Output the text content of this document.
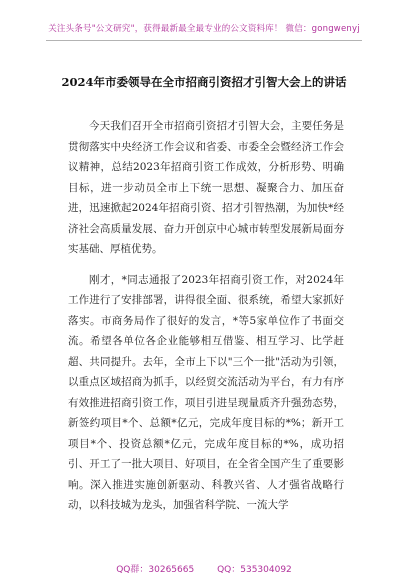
关注头条号"公文研究"，获得最新最全最专业的公文资料库！ 微信：gongwenyj
2024年市委领导在全市招商引资招才引智大会上的讲话

今天我们召开全市招商引资招才引智大会，主要任务是贯彻落实中央经济工作会议和省委、市委全会暨经济工作会议精神，总结2023年招商引资工作成效，分析形势、明确目标，进一步动员全市上下统一思想、凝聚合力、加压奋进，迅速掀起2024年招商引资、招才引智热潮，为加快*经济社会高质量发展、奋力开创京中心城市转型发展新局面夯实基础、厚植优势。

刚才，*同志通报了2023年招商引资工作，对2024年工作进行了安排部署，讲得很全面、很系统，希望大家抓好落实。市商务局作了很好的发言，*等5家单位作了书面交流。希望各单位各企业能够相互借鉴、相互学习、比学赶超、共同提升。去年，全市上下以"三个一批"活动为引领，以重点区域招商为抓手，以经贸交流活动为平台，有力有序有效推进招商引资工作，项目引进呈现量质齐升强劲态势，新签约项目*个、总额*亿元，完成年度目标的*%；新开工项目*个、投资总额*亿元，完成年度目标的*%，成功招引、开工了一批大项目、好项目，在全省全国产生了重要影响。深入推进实施创新驱动、科教兴省、人才强省战略行动，以科技城为龙头，加强省科学院、一流大学

QQ群：30265665	QQ：535304092
